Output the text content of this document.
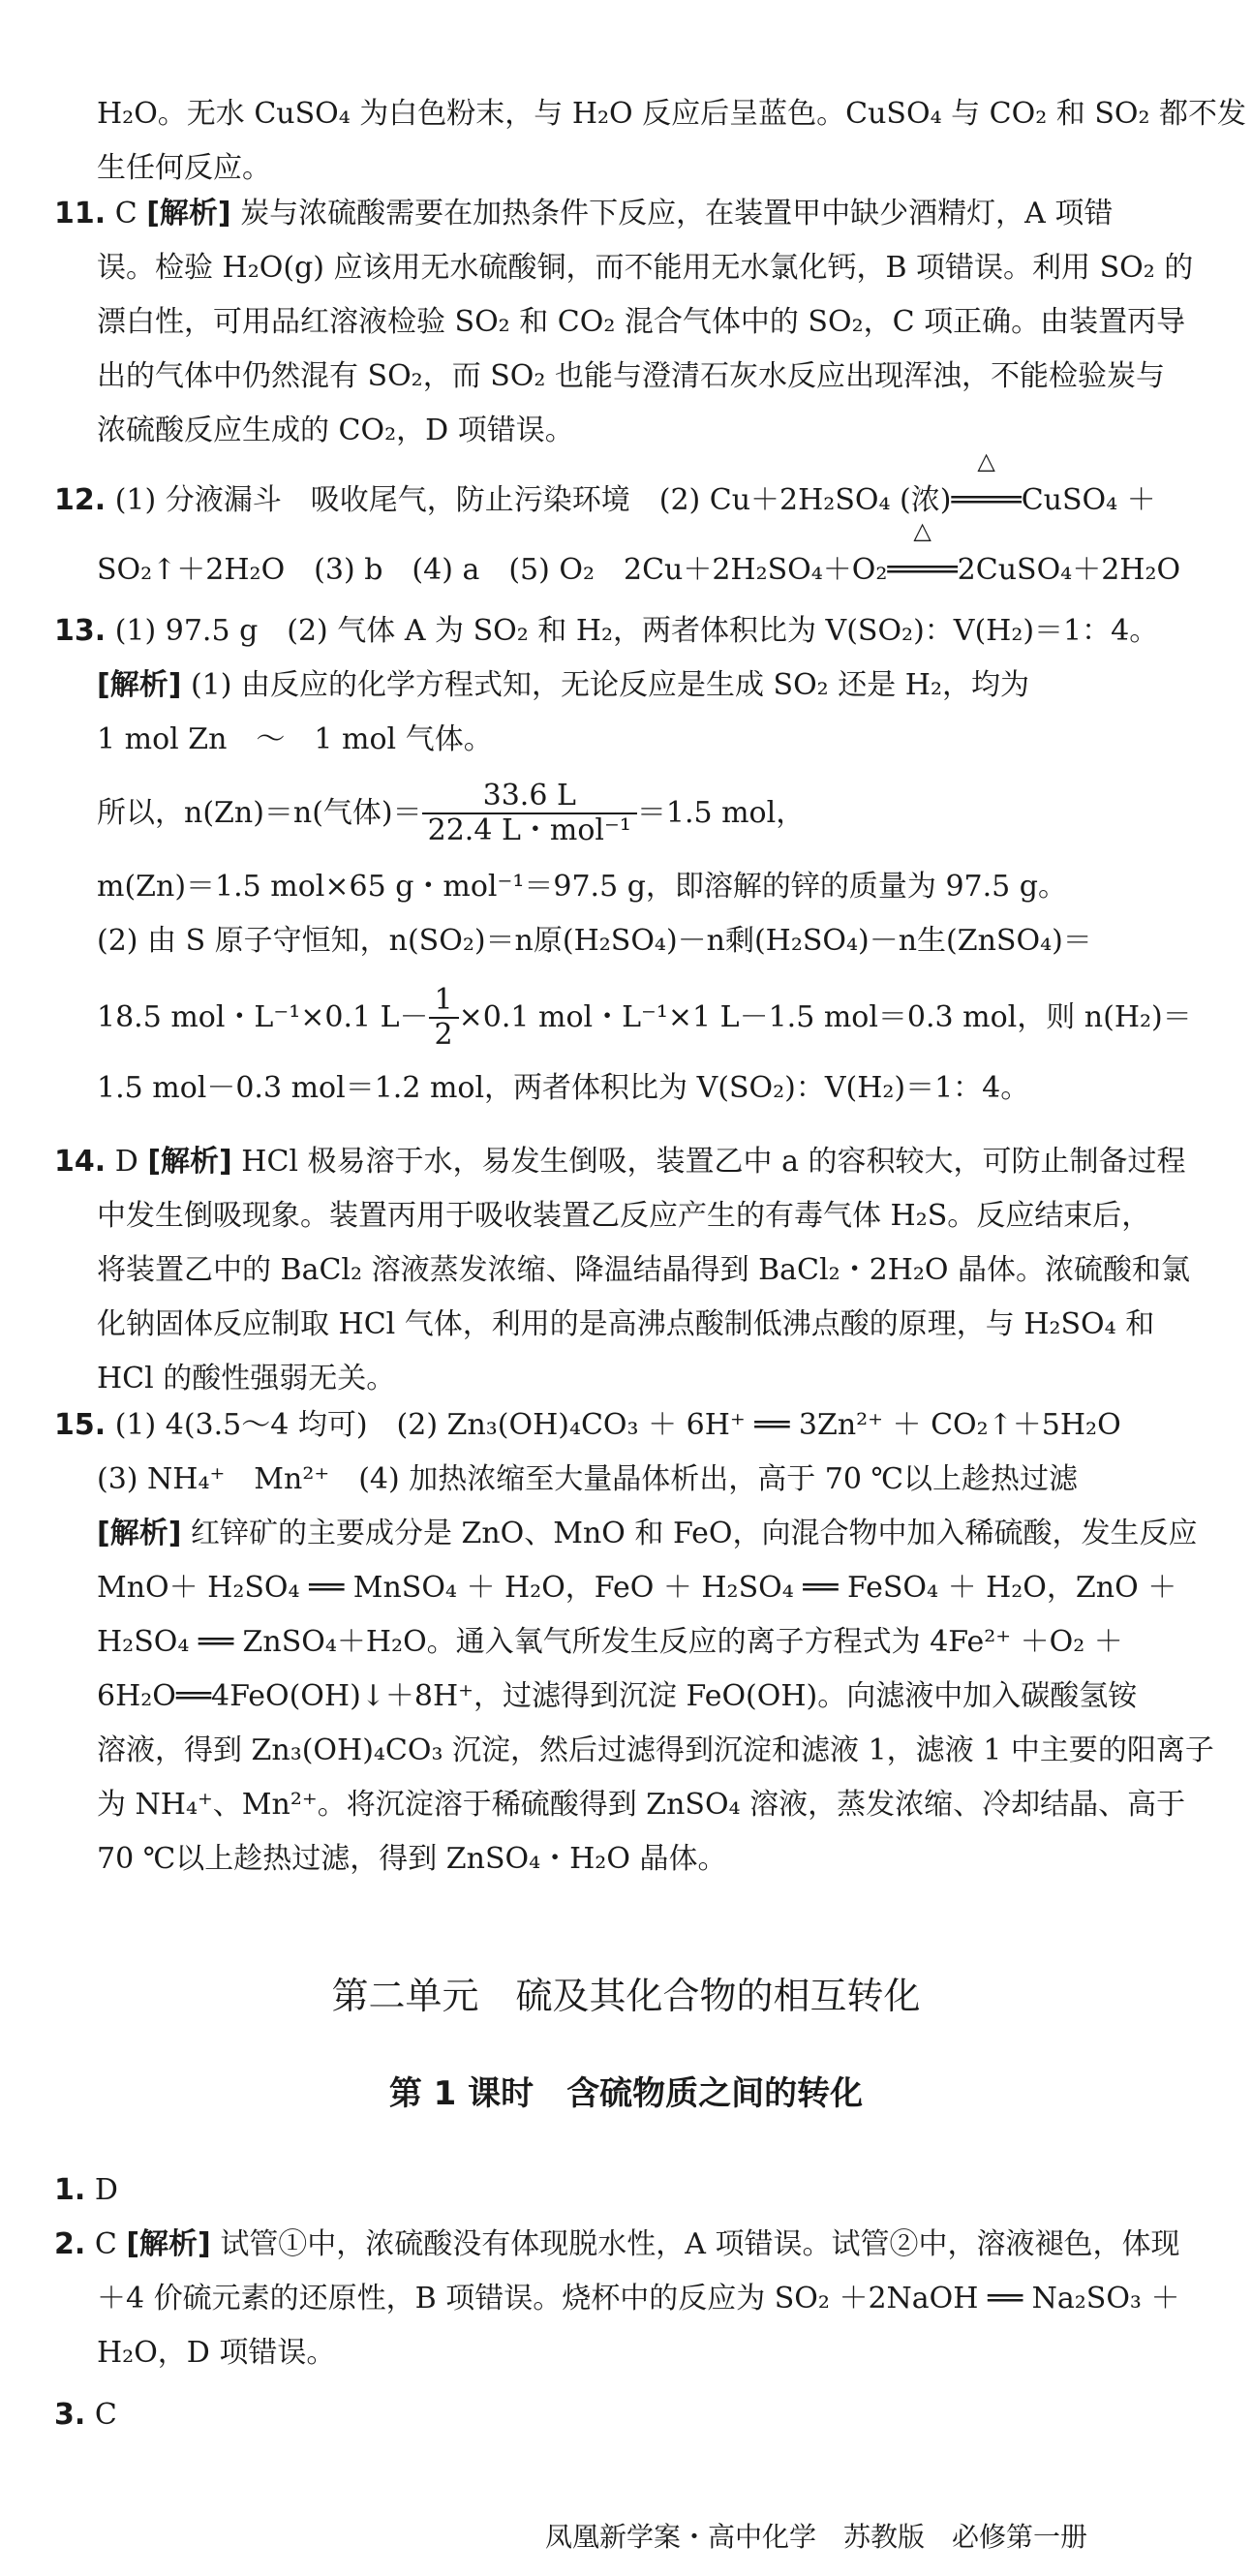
H₂O。无水 CuSO₄ 为白色粉末，与 H₂O 反应后呈蓝色。CuSO₄ 与 CO₂ 和 SO₂ 都不发
生任何反应。
11. C [解析] 炭与浓硫酸需要在加热条件下反应，在装置甲中缺少酒精灯，A 项错
误。检验 H₂O(g) 应该用无水硫酸铜，而不能用无水氯化钙，B 项错误。利用 SO₂ 的
漂白性，可用品红溶液检验 SO₂ 和 CO₂ 混合气体中的 SO₂，C 项正确。由装置丙导
出的气体中仍然混有 SO₂，而 SO₂ 也能与澄清石灰水反应出现浑浊，不能检验炭与
浓硫酸反应生成的 CO₂，D 项错误。
12. (1) 分液漏斗　吸收尾气，防止污染环境　(2) Cu＋2H₂SO₄ (浓)
△
════CuSO₄ ＋
SO₂↑＋2H₂O　(3) b　(4) a　(5) O₂　2Cu＋2H₂SO₄＋O₂
△
════2CuSO₄＋2H₂O
13. (1) 97.5 g　(2) 气体 A 为 SO₂ 和 H₂，两者体积比为 V(SO₂)：V(H₂)＝1：4。
[解析] (1) 由反应的化学方程式知，无论反应是生成 SO₂ 还是 H₂，均为
1 mol Zn　～　1 mol 气体。
所以，n(Zn)＝n(气体)＝ $\frac{33.6 L}{\text{22.4 L・mol⁻¹}} =1.5$ mol，
m(Zn)＝1.5 mol×65 g・mol⁻¹＝97.5 g，即溶解的锌的质量为 97.5 g。
(2) 由 S 原子守恒知，n(SO₂)＝n原(H₂SO₄)－n剩(H₂SO₄)－n生(ZnSO₄)＝
18.5 mol・L⁻¹×0.1 $L- \frac{1}{2} \times 0.1$ mol・L⁻¹×1 L－1.5 mol＝0.3 mol，则 n(H₂)＝
1.5 mol－0.3 mol＝1.2 mol，两者体积比为 V(SO₂)：V(H₂)＝1：4。
14. D [解析] HCl 极易溶于水，易发生倒吸，装置乙中 a 的容积较大，可防止制备过程
中发生倒吸现象。装置丙用于吸收装置乙反应产生的有毒气体 H₂S。反应结束后，
将装置乙中的 BaCl₂ 溶液蒸发浓缩、降温结晶得到 BaCl₂・2H₂O 晶体。浓硫酸和氯
化钠固体反应制取 HCl 气体，利用的是高沸点酸制低沸点酸的原理，与 H₂SO₄ 和
HCl 的酸性强弱无关。
15. (1) 4(3.5～4 均可)　(2) Zn₃(OH)₄CO₃ ＋ 6H⁺ ══ 3Zn²⁺ ＋ CO₂↑＋5H₂O
(3) NH₄⁺　Mn²⁺　(4) 加热浓缩至大量晶体析出，高于 70 ℃以上趁热过滤
[解析] 红锌矿的主要成分是 ZnO、MnO 和 FeO，向混合物中加入稀硫酸，发生反应
MnO＋ H₂SO₄ ══ MnSO₄ ＋ H₂O，FeO ＋ H₂SO₄ ══ FeSO₄ ＋ H₂O，ZnO ＋
H₂SO₄ ══ ZnSO₄＋H₂O。通入氧气所发生反应的离子方程式为 4Fe²⁺ ＋O₂ ＋
6H₂O══4FeO(OH)↓＋8H⁺，过滤得到沉淀 FeO(OH)。向滤液中加入碳酸氢铵
溶液，得到 Zn₃(OH)₄CO₃ 沉淀，然后过滤得到沉淀和滤液 1，滤液 1 中主要的阳离子
为 NH₄⁺、Mn²⁺。将沉淀溶于稀硫酸得到 ZnSO₄ 溶液，蒸发浓缩、冷却结晶、高于
70 ℃以上趁热过滤，得到 ZnSO₄・H₂O 晶体。
第二单元　硫及其化合物的相互转化
第 1 课时　含硫物质之间的转化
1. D
2. C [解析] 试管①中，浓硫酸没有体现脱水性，A 项错误。试管②中，溶液褪色，体现
＋4 价硫元素的还原性，B 项错误。烧杯中的反应为 SO₂ ＋2NaOH ══ Na₂SO₃ ＋
H₂O，D 项错误。
3. C
凤凰新学案・高中化学　苏教版　必修第一册
